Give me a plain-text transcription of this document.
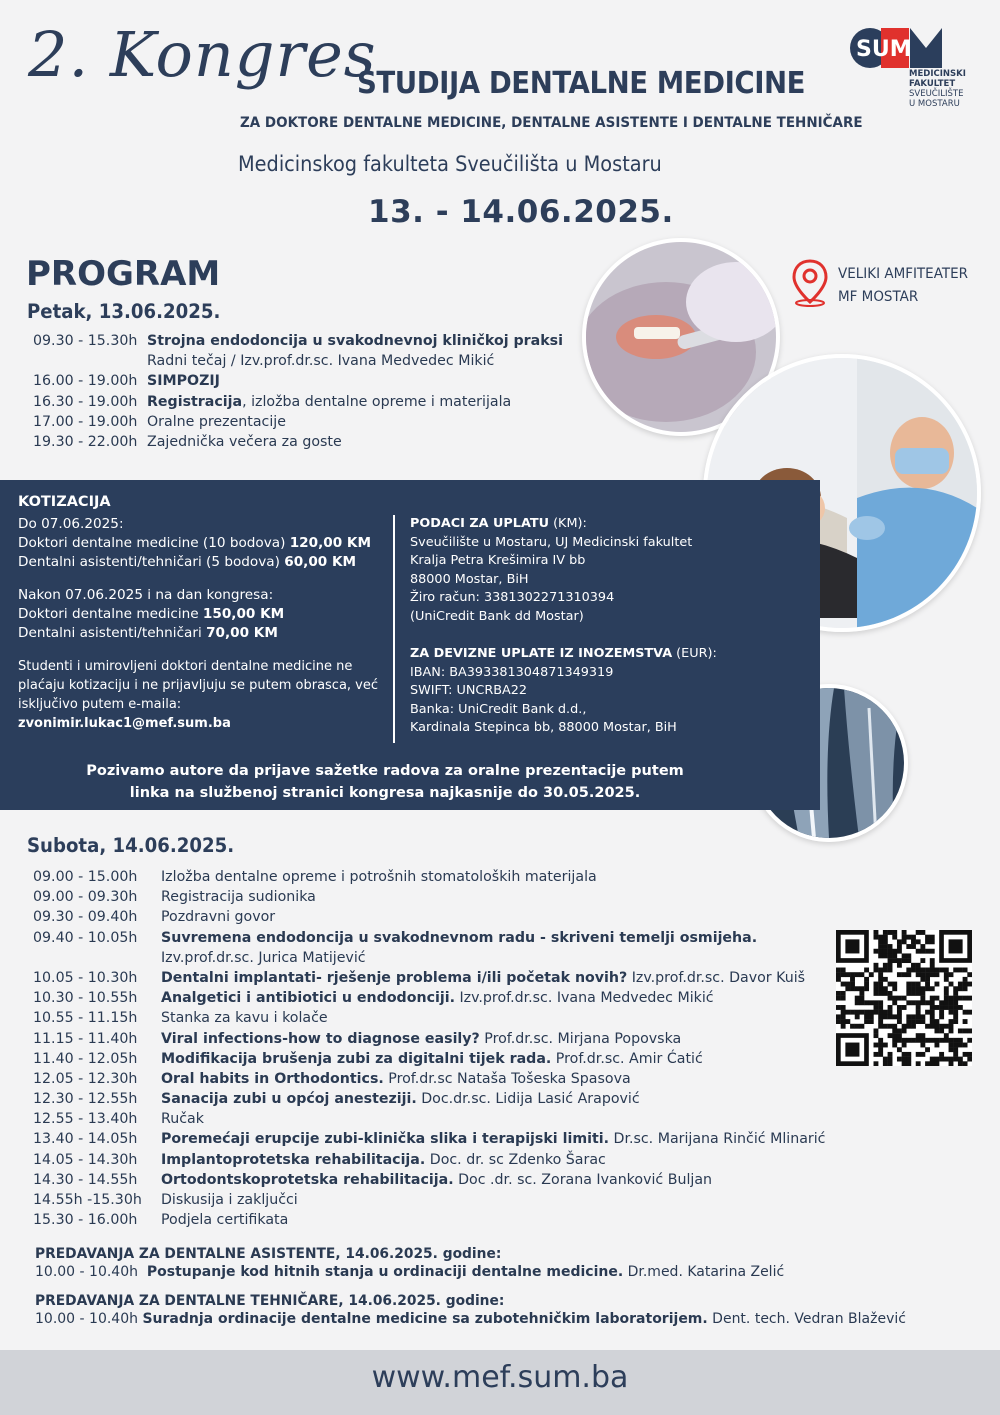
2. Kongres
STUDIJA DENTALNE MEDICINE
ZA DOKTORE DENTALNE MEDICINE, DENTALNE ASISTENTE I DENTALNE TEHNIČARE
Medicinskog fakulteta Sveučilišta u Mostaru
13. - 14.06.2025.
SUM
MEDICINSKI
FAKULTET
SVEUČILIŠTE
U MOSTARU
PROGRAM
Petak, 13.06.2025.
09.30 - 15.30h Strojna endodoncija u svakodnevnoj kliničkoj praksi
Radni tečaj / Izv.prof.dr.sc. Ivana Medvedec Mikić
16.00 - 19.00h SIMPOZIJ
16.30 - 19.00h Registracija , izložba dentalne opreme i materijala
17.00 - 19.00h Oralne prezentacije
19.30 - 22.00h Zajednička večera za goste
VELIKI AMFITEATER
MF MOSTAR
KOTIZACIJA
Do 07.06.2025:
Doktori dentalne medicine (10 bodova) 120,00 KM
Dentalni asistenti/tehničari (5 bodova) 60,00 KM
Nakon 07.06.2025 i na dan kongresa:
Doktori dentalne medicine 150,00 KM
Dentalni asistenti/tehničari 70,00 KM
Studenti i umirovljeni doktori dentalne medicine ne
plaćaju kotizaciju i ne prijavljuju se putem obrasca, već
isključivo putem e-maila:
zvonimir.lukac1@mef.sum.ba
PODACI ZA UPLATU (KM):
Sveučilište u Mostaru, UJ Medicinski fakultet
Kralja Petra Krešimira IV bb
88000 Mostar, BiH
Žiro račun: 3381302271310394
(UniCredit Bank dd Mostar)
ZA DEVIZNE UPLATE IZ INOZEMSTVA (EUR):
IBAN: BA393381304871349319
SWIFT: UNCRBA22
Banka: UniCredit Bank d.d.,
Kardinala Stepinca bb, 88000 Mostar, BiH
Pozivamo autore da prijave sažetke radova za oralne prezentacije putem
linka na službenoj stranici kongresa najkasnije do 30.05.2025.
Subota, 14.06.2025.
09.00 - 15.00h	Izložba dentalne opreme i potrošnih stomatoloških materijala
09.00 - 09.30h	Registracija sudionika
09.30 - 09.40h	Pozdravni govor
09.40 - 10.05h	Suvremena endodoncija u svakodnevnom radu - skriveni temelji osmijeha.
Izv.prof.dr.sc. Jurica Matijević
10.05 - 10.30h	Dentalni implantati- rješenje problema i/ili početak novih? Izv.prof.dr.sc. Davor Kuiš
10.30 - 10.55h	Analgetici i antibiotici u endodonciji. Izv.prof.dr.sc. Ivana Medvedec Mikić
10.55 - 11.15h	Stanka za kavu i kolače
11.15 - 11.40h	Viral infections-how to diagnose easily? Prof.dr.sc. Mirjana Popovska
11.40 - 12.05h	Modifikacija brušenja zubi za digitalni tijek rada. Prof.dr.sc. Amir Ćatić
12.05 - 12.30h	Oral habits in Orthodontics. Prof.dr.sc Nataša Tošeska Spasova
12.30 - 12.55h	Sanacija zubi u općoj anesteziji. Doc.dr.sc. Lidija Lasić Arapović
12.55 - 13.40h	Ručak
13.40 - 14.05h	Poremećaji erupcije zubi-klinička slika i terapijski limiti. Dr.sc. Marijana Rinčić Mlinarić
14.05 - 14.30h	Implantoprotetska rehabilitacija. Doc. dr. sc Zdenko Šarac
14.30 - 14.55h	Ortodontskoprotetska rehabilitacija. Doc .dr. sc. Zorana Ivanković Buljan
14.55h -15.30h	Diskusija i zaključci
15.30 - 16.00h	Podjela certifikata
PREDAVANJA ZA DENTALNE ASISTENTE, 14.06.2025. godine:
10.00 - 10.40h Postupanje kod hitnih stanja u ordinaciji dentalne medicine. Dr.med. Katarina Zelić
PREDAVANJA ZA DENTALNE TEHNIČARE, 14.06.2025. godine:
10.00 - 10.40h Suradnja ordinacije dentalne medicine sa zubotehničkim laboratorijem. Dent. tech. Vedran Blažević
www.mef.sum.ba
